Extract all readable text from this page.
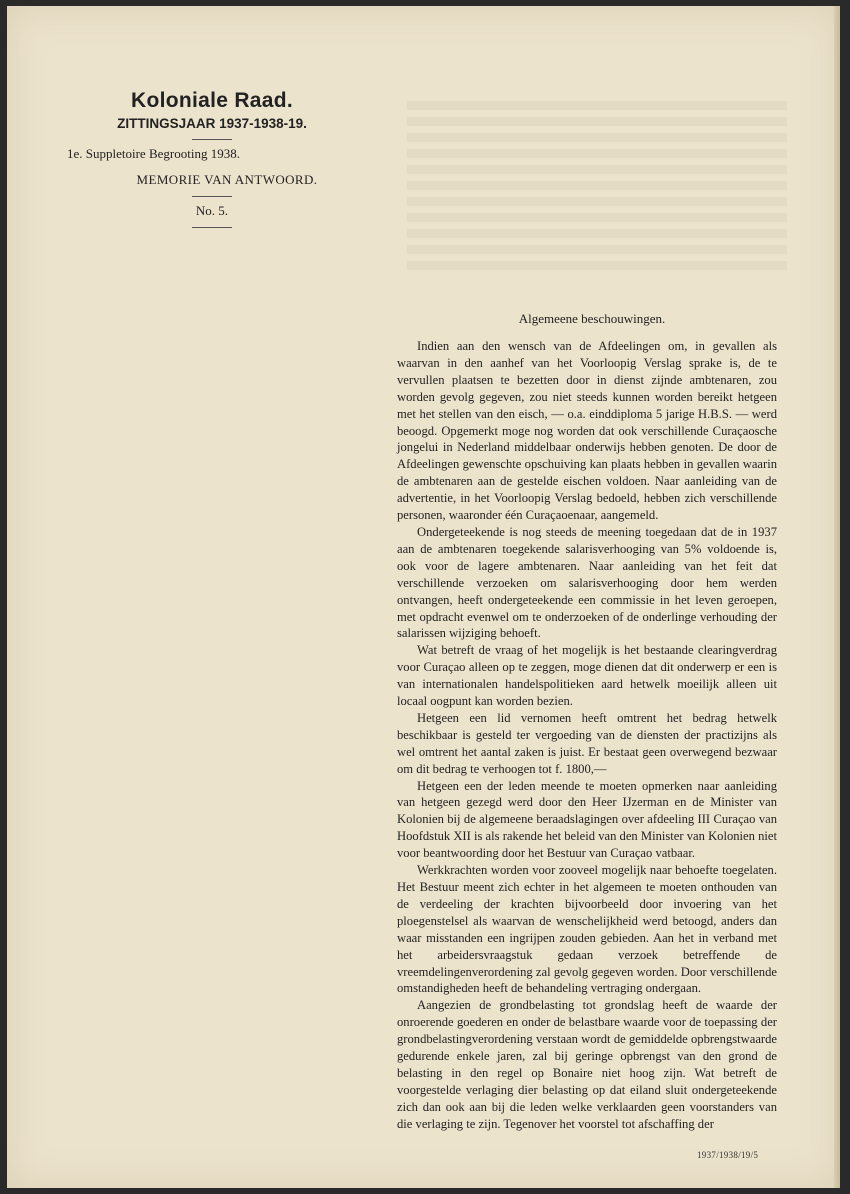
Koloniale Raad.
ZITTINGSJAAR 1937-1938-19.
1e. Suppletoire Begrooting 1938.
MEMORIE VAN ANTWOORD.
No. 5.
Algemeene beschouwingen.

Indien aan den wensch van de Afdeelingen om, in gevallen als waarvan in den aanhef van het Voorloopig Verslag sprake is, de te vervullen plaatsen te bezetten door in dienst zijnde ambtenaren, zou worden gevolg gegeven, zou niet steeds kunnen worden bereikt hetgeen met het stellen van den eisch, — o.a. einddiploma 5 jarige H.B.S. — werd beoogd. Opgemerkt moge nog worden dat ook verschillende Curaçaosche jongelui in Nederland middelbaar onderwijs hebben genoten. De door de Afdeelingen gewenschte opschuiving kan plaats hebben in gevallen waarin de ambtenaren aan de gestelde eischen voldoen. Naar aanleiding van de advertentie, in het Voorloopig Verslag bedoeld, hebben zich verschillende personen, waaronder één Curaçaoenaar, aangemeld.

Ondergeteekende is nog steeds de meening toegedaan dat de in 1937 aan de ambtenaren toegekende salarisverhooging van 5% voldoende is, ook voor de lagere ambtenaren. Naar aanleiding van het feit dat verschillende verzoeken om salarisverhooging door hem werden ontvangen, heeft ondergeteekende een commissie in het leven geroepen, met opdracht evenwel om te onderzoeken of de onderlinge verhouding der salarissen wijziging behoeft.

Wat betreft de vraag of het mogelijk is het bestaande clearingverdrag voor Curaçao alleen op te zeggen, moge dienen dat dit onderwerp er een is van internationalen handelspolitieken aard hetwelk moeilijk alleen uit locaal oogpunt kan worden bezien.

Hetgeen een lid vernomen heeft omtrent het bedrag hetwelk beschikbaar is gesteld ter vergoeding van de diensten der practizijns als wel omtrent het aantal zaken is juist. Er bestaat geen overwegend bezwaar om dit bedrag te verhoogen tot f. 1800,—

Hetgeen een der leden meende te moeten opmerken naar aanleiding van hetgeen gezegd werd door den Heer IJzerman en de Minister van Kolonien bij de algemeene beraadslagingen over afdeeling III Curaçao van Hoofdstuk XII is als rakende het beleid van den Minister van Kolonien niet voor beantwoording door het Bestuur van Curaçao vatbaar.

Werkkrachten worden voor zooveel mogelijk naar behoefte toegelaten. Het Bestuur meent zich echter in het algemeen te moeten onthouden van de verdeeling der krachten bijvoorbeeld door invoering van het ploegenstelsel als waarvan de wenschelijkheid werd betoogd, anders dan waar misstanden een ingrijpen zouden gebieden. Aan het in verband met het arbeidersvraagstuk gedaan verzoek betreffende de vreemdelingenverordening zal gevolg gegeven worden. Door verschillende omstandigheden heeft de behandeling vertraging ondergaan.

Aangezien de grondbelasting tot grondslag heeft de waarde der onroerende goederen en onder de belastbare waarde voor de toepassing der grondbelastingverordening verstaan wordt de gemiddelde opbrengstwaarde gedurende enkele jaren, zal bij geringe opbrengst van den grond de belasting in den regel op Bonaire niet hoog zijn. Wat betreft de voorgestelde verlaging dier belasting op dat eiland sluit ondergeteekende zich dan ook aan bij die leden welke verklaarden geen voorstanders van die verlaging te zijn. Tegenover het voorstel tot afschaffing der

1937/1938/19/5
